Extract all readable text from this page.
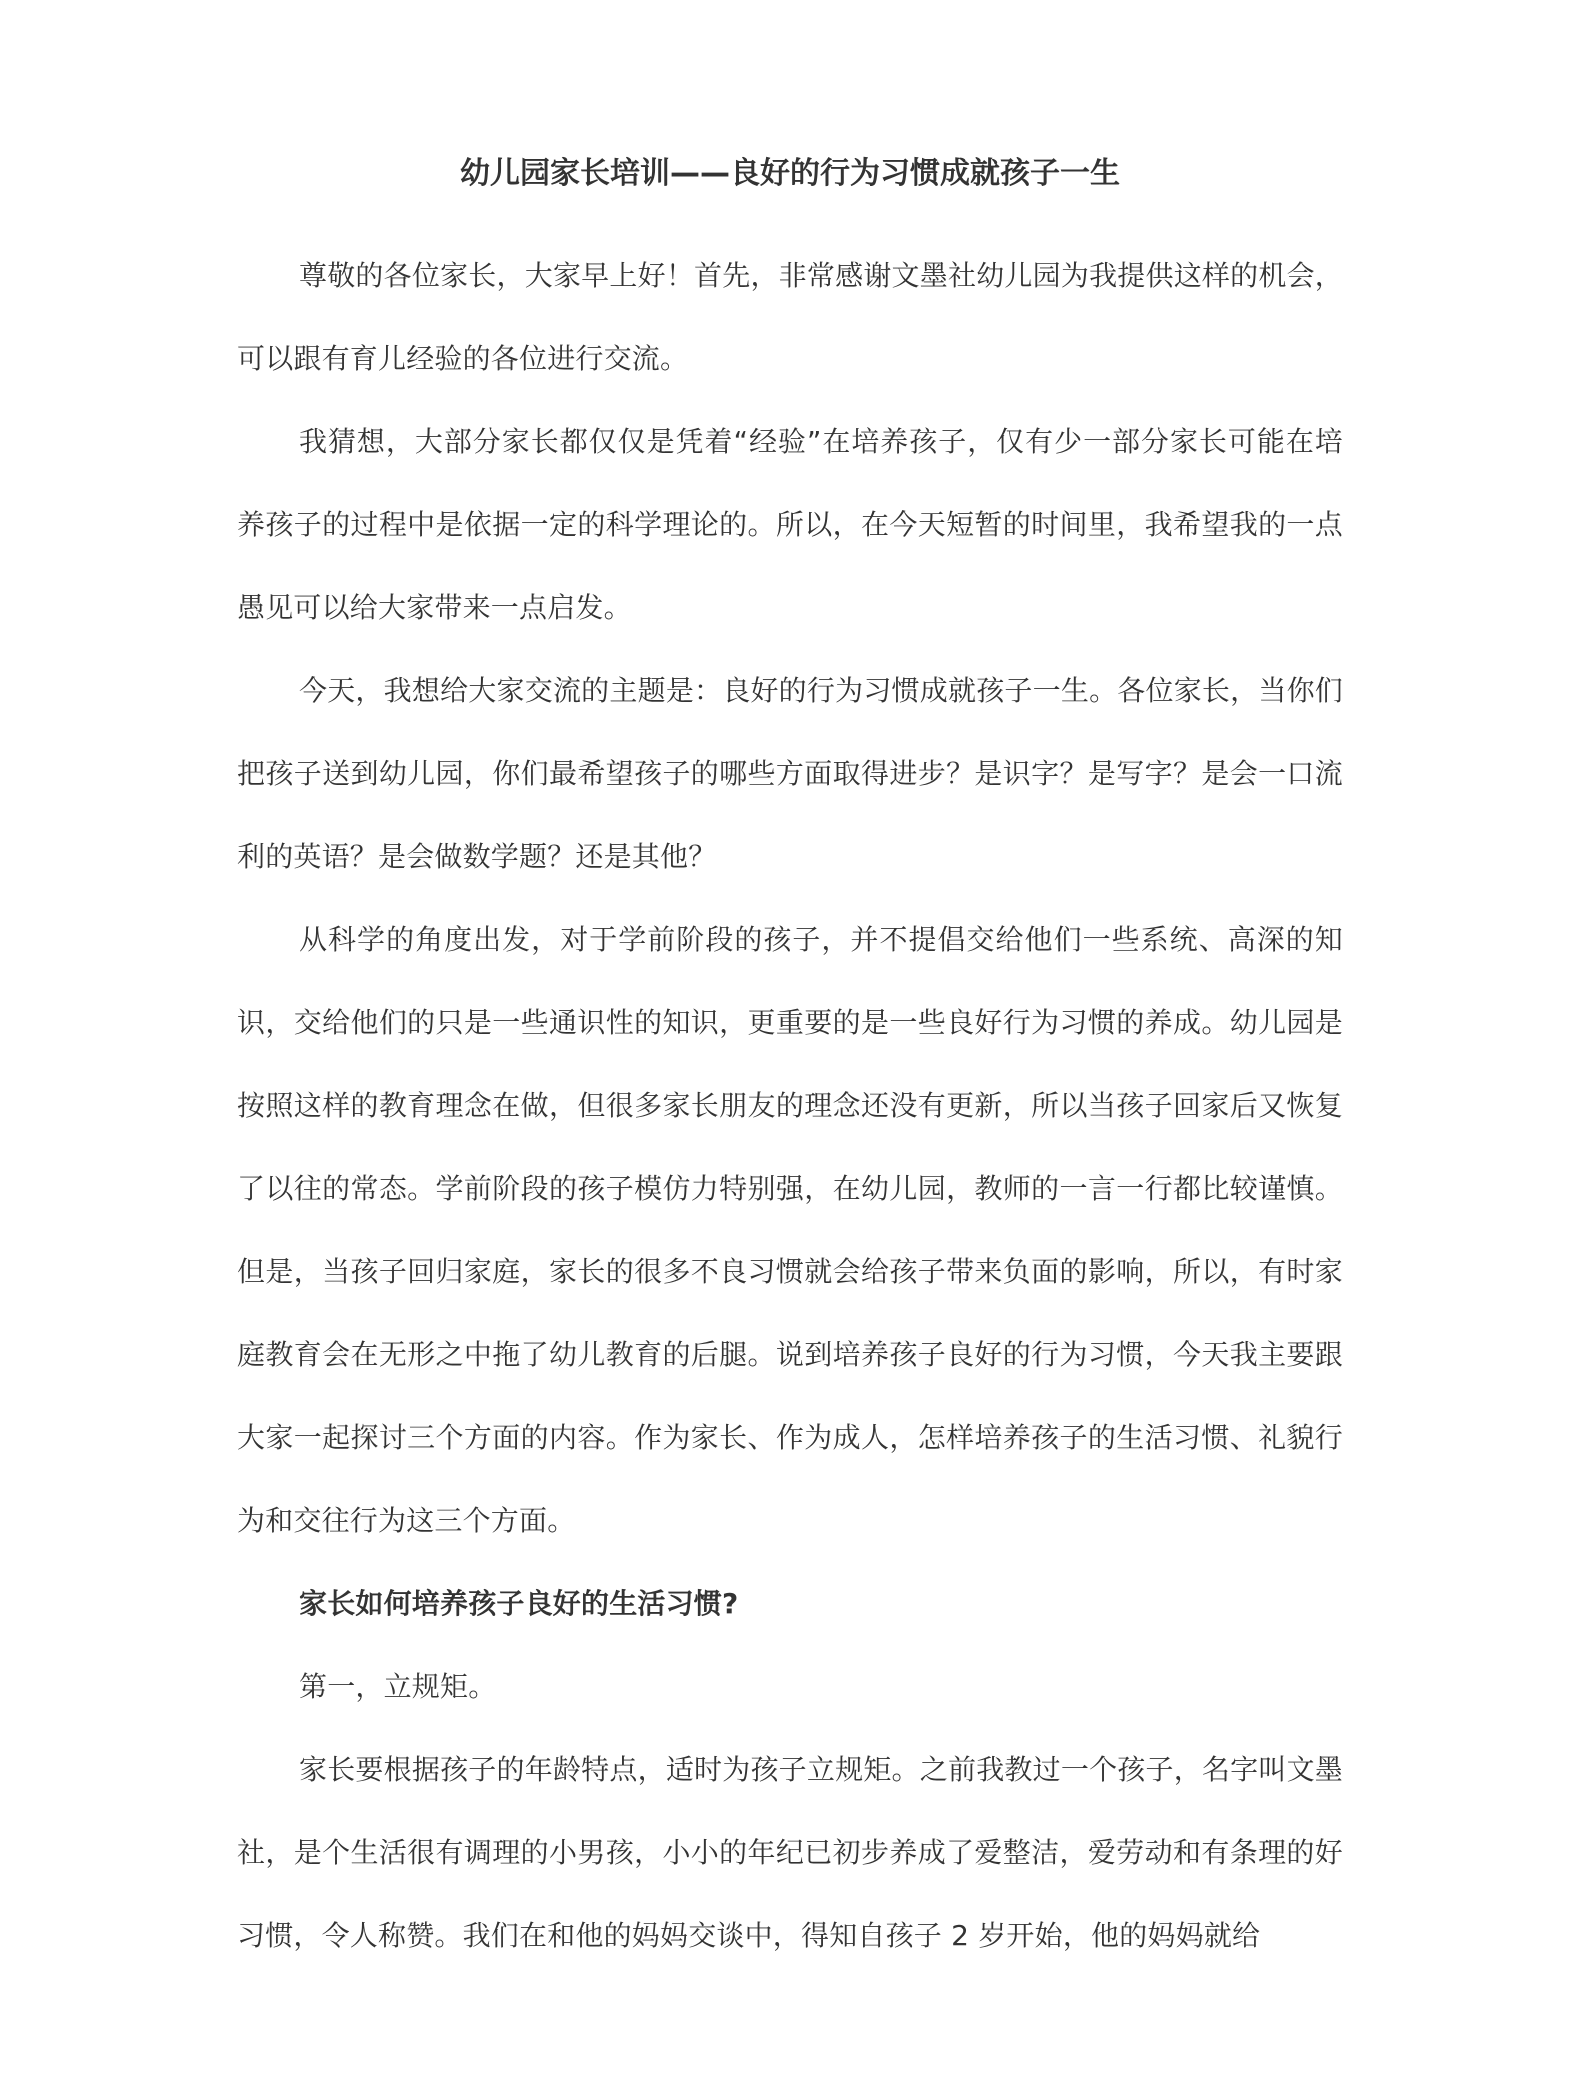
幼儿园家长培训——良好的行为习惯成就孩子一生

尊敬的各位家长，大家早上好！首先，非常感谢文墨社幼儿园为我提供这样的机会，可以跟有育儿经验的各位进行交流。

我猜想，大部分家长都仅仅是凭着“经验”在培养孩子，仅有少一部分家长可能在培养孩子的过程中是依据一定的科学理论的。所以，在今天短暂的时间里，我希望我的一点愚见可以给大家带来一点启发。

今天，我想给大家交流的主题是：良好的行为习惯成就孩子一生。各位家长，当你们把孩子送到幼儿园，你们最希望孩子的哪些方面取得进步？是识字？是写字？是会一口流利的英语？是会做数学题？还是其他？

从科学的角度出发，对于学前阶段的孩子，并不提倡交给他们一些系统、高深的知识，交给他们的只是一些通识性的知识，更重要的是一些良好行为习惯的养成。幼儿园是按照这样的教育理念在做，但很多家长朋友的理念还没有更新，所以当孩子回家后又恢复了以往的常态。学前阶段的孩子模仿力特别强，在幼儿园，教师的一言一行都比较谨慎。但是，当孩子回归家庭，家长的很多不良习惯就会给孩子带来负面的影响，所以，有时家庭教育会在无形之中拖了幼儿教育的后腿。说到培养孩子良好的行为习惯，今天我主要跟大家一起探讨三个方面的内容。作为家长、作为成人，怎样培养孩子的生活习惯、礼貌行为和交往行为这三个方面。

家长如何培养孩子良好的生活习惯?

第一，立规矩。

家长要根据孩子的年龄特点，适时为孩子立规矩。之前我教过一个孩子，名字叫文墨社，是个生活很有调理的小男孩，小小的年纪已初步养成了爱整洁，爱劳动和有条理的好习惯，令人称赞。我们在和他的妈妈交谈中，得知自孩子 2 岁开始，他的妈妈就给
